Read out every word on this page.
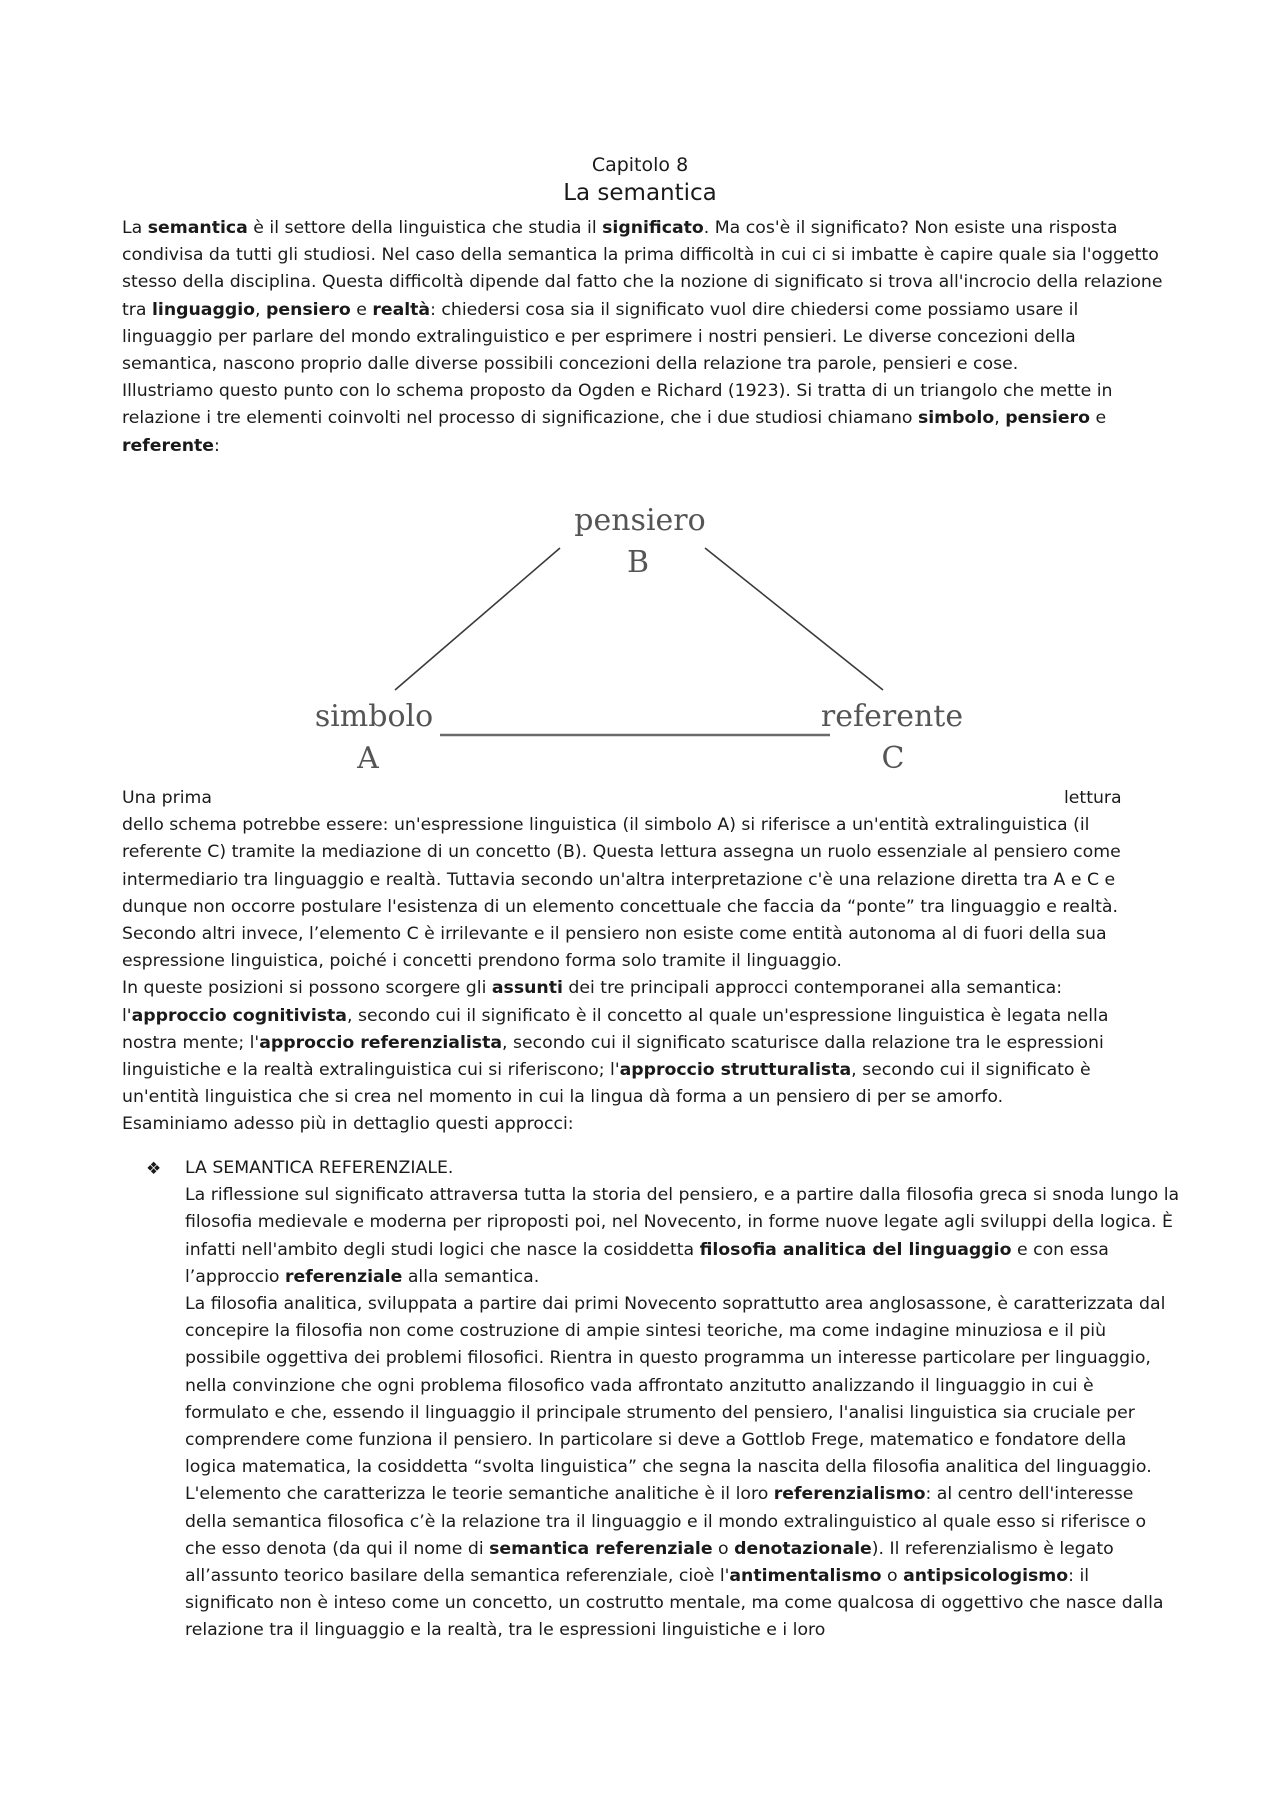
Capitolo 8
La semantica

La semantica è il settore della linguistica che studia il significato. Ma cos'è il significato? Non esiste una risposta condivisa da tutti gli studiosi. Nel caso della semantica la prima difficoltà in cui ci si imbatte è capire quale sia l'oggetto stesso della disciplina. Questa difficoltà dipende dal fatto che la nozione di significato si trova all'incrocio della relazione tra linguaggio, pensiero e realtà: chiedersi cosa sia il significato vuol dire chiedersi come possiamo usare il linguaggio per parlare del mondo extralinguistico e per esprimere i nostri pensieri. Le diverse concezioni della semantica, nascono proprio dalle diverse possibili concezioni della relazione tra parole, pensieri e cose.

Illustriamo questo punto con lo schema proposto da Ogden e Richard (1923). Si tratta di un triangolo che mette in relazione i tre elementi coinvolti nel processo di significazione, che i due studiosi chiamano simbolo, pensiero e referente:

pensiero
B
simbolo
A
referente
C

Una prima	lettura
dello schema potrebbe essere: un'espressione linguistica (il simbolo A) si riferisce a un'entità extralinguistica (il referente C) tramite la mediazione di un concetto (B). Questa lettura assegna un ruolo essenziale al pensiero come intermediario tra linguaggio e realtà. Tuttavia secondo un'altra interpretazione c'è una relazione diretta tra A e C e dunque non occorre postulare l'esistenza di un elemento concettuale che faccia da “ponte” tra linguaggio e realtà. Secondo altri invece, l’elemento C è irrilevante e il pensiero non esiste come entità autonoma al di fuori della sua espressione linguistica, poiché i concetti prendono forma solo tramite il linguaggio.

In queste posizioni si possono scorgere gli assunti dei tre principali approcci contemporanei alla semantica: l'approccio cognitivista, secondo cui il significato è il concetto al quale un'espressione linguistica è legata nella nostra mente; l'approccio referenzialista, secondo cui il significato scaturisce dalla relazione tra le espressioni linguistiche e la realtà extralinguistica cui si riferiscono; l'approccio strutturalista, secondo cui il significato è un'entità linguistica che si crea nel momento in cui la lingua dà forma a un pensiero di per se amorfo.

Esaminiamo adesso più in dettaglio questi approcci:

❖ LA SEMANTICA REFERENZIALE.

La riflessione sul significato attraversa tutta la storia del pensiero, e a partire dalla filosofia greca si snoda lungo la filosofia medievale e moderna per riproposti poi, nel Novecento, in forme nuove legate agli sviluppi della logica. È infatti nell'ambito degli studi logici che nasce la cosiddetta filosofia analitica del linguaggio e con essa l’approccio referenziale alla semantica.

La filosofia analitica, sviluppata a partire dai primi Novecento soprattutto area anglosassone, è caratterizzata dal concepire la filosofia non come costruzione di ampie sintesi teoriche, ma come indagine minuziosa e il più possibile oggettiva dei problemi filosofici. Rientra in questo programma un interesse particolare per linguaggio, nella convinzione che ogni problema filosofico vada affrontato anzitutto analizzando il linguaggio in cui è formulato e che, essendo il linguaggio il principale strumento del pensiero, l'analisi linguistica sia cruciale per comprendere come funziona il pensiero. In particolare si deve a Gottlob Frege, matematico e fondatore della logica matematica, la cosiddetta “svolta linguistica” che segna la nascita della filosofia analitica del linguaggio.

L'elemento che caratterizza le teorie semantiche analitiche è il loro referenzialismo: al centro dell'interesse della semantica filosofica c’è la relazione tra il linguaggio e il mondo extralinguistico al quale esso si riferisce o che esso denota (da qui il nome di semantica referenziale o denotazionale). Il referenzialismo è legato all’assunto teorico basilare della semantica referenziale, cioè l'antimentalismo o antipsicologismo: il significato non è inteso come un concetto, un costrutto mentale, ma come qualcosa di oggettivo che nasce dalla relazione tra il linguaggio e la realtà, tra le espressioni linguistiche e i loro
